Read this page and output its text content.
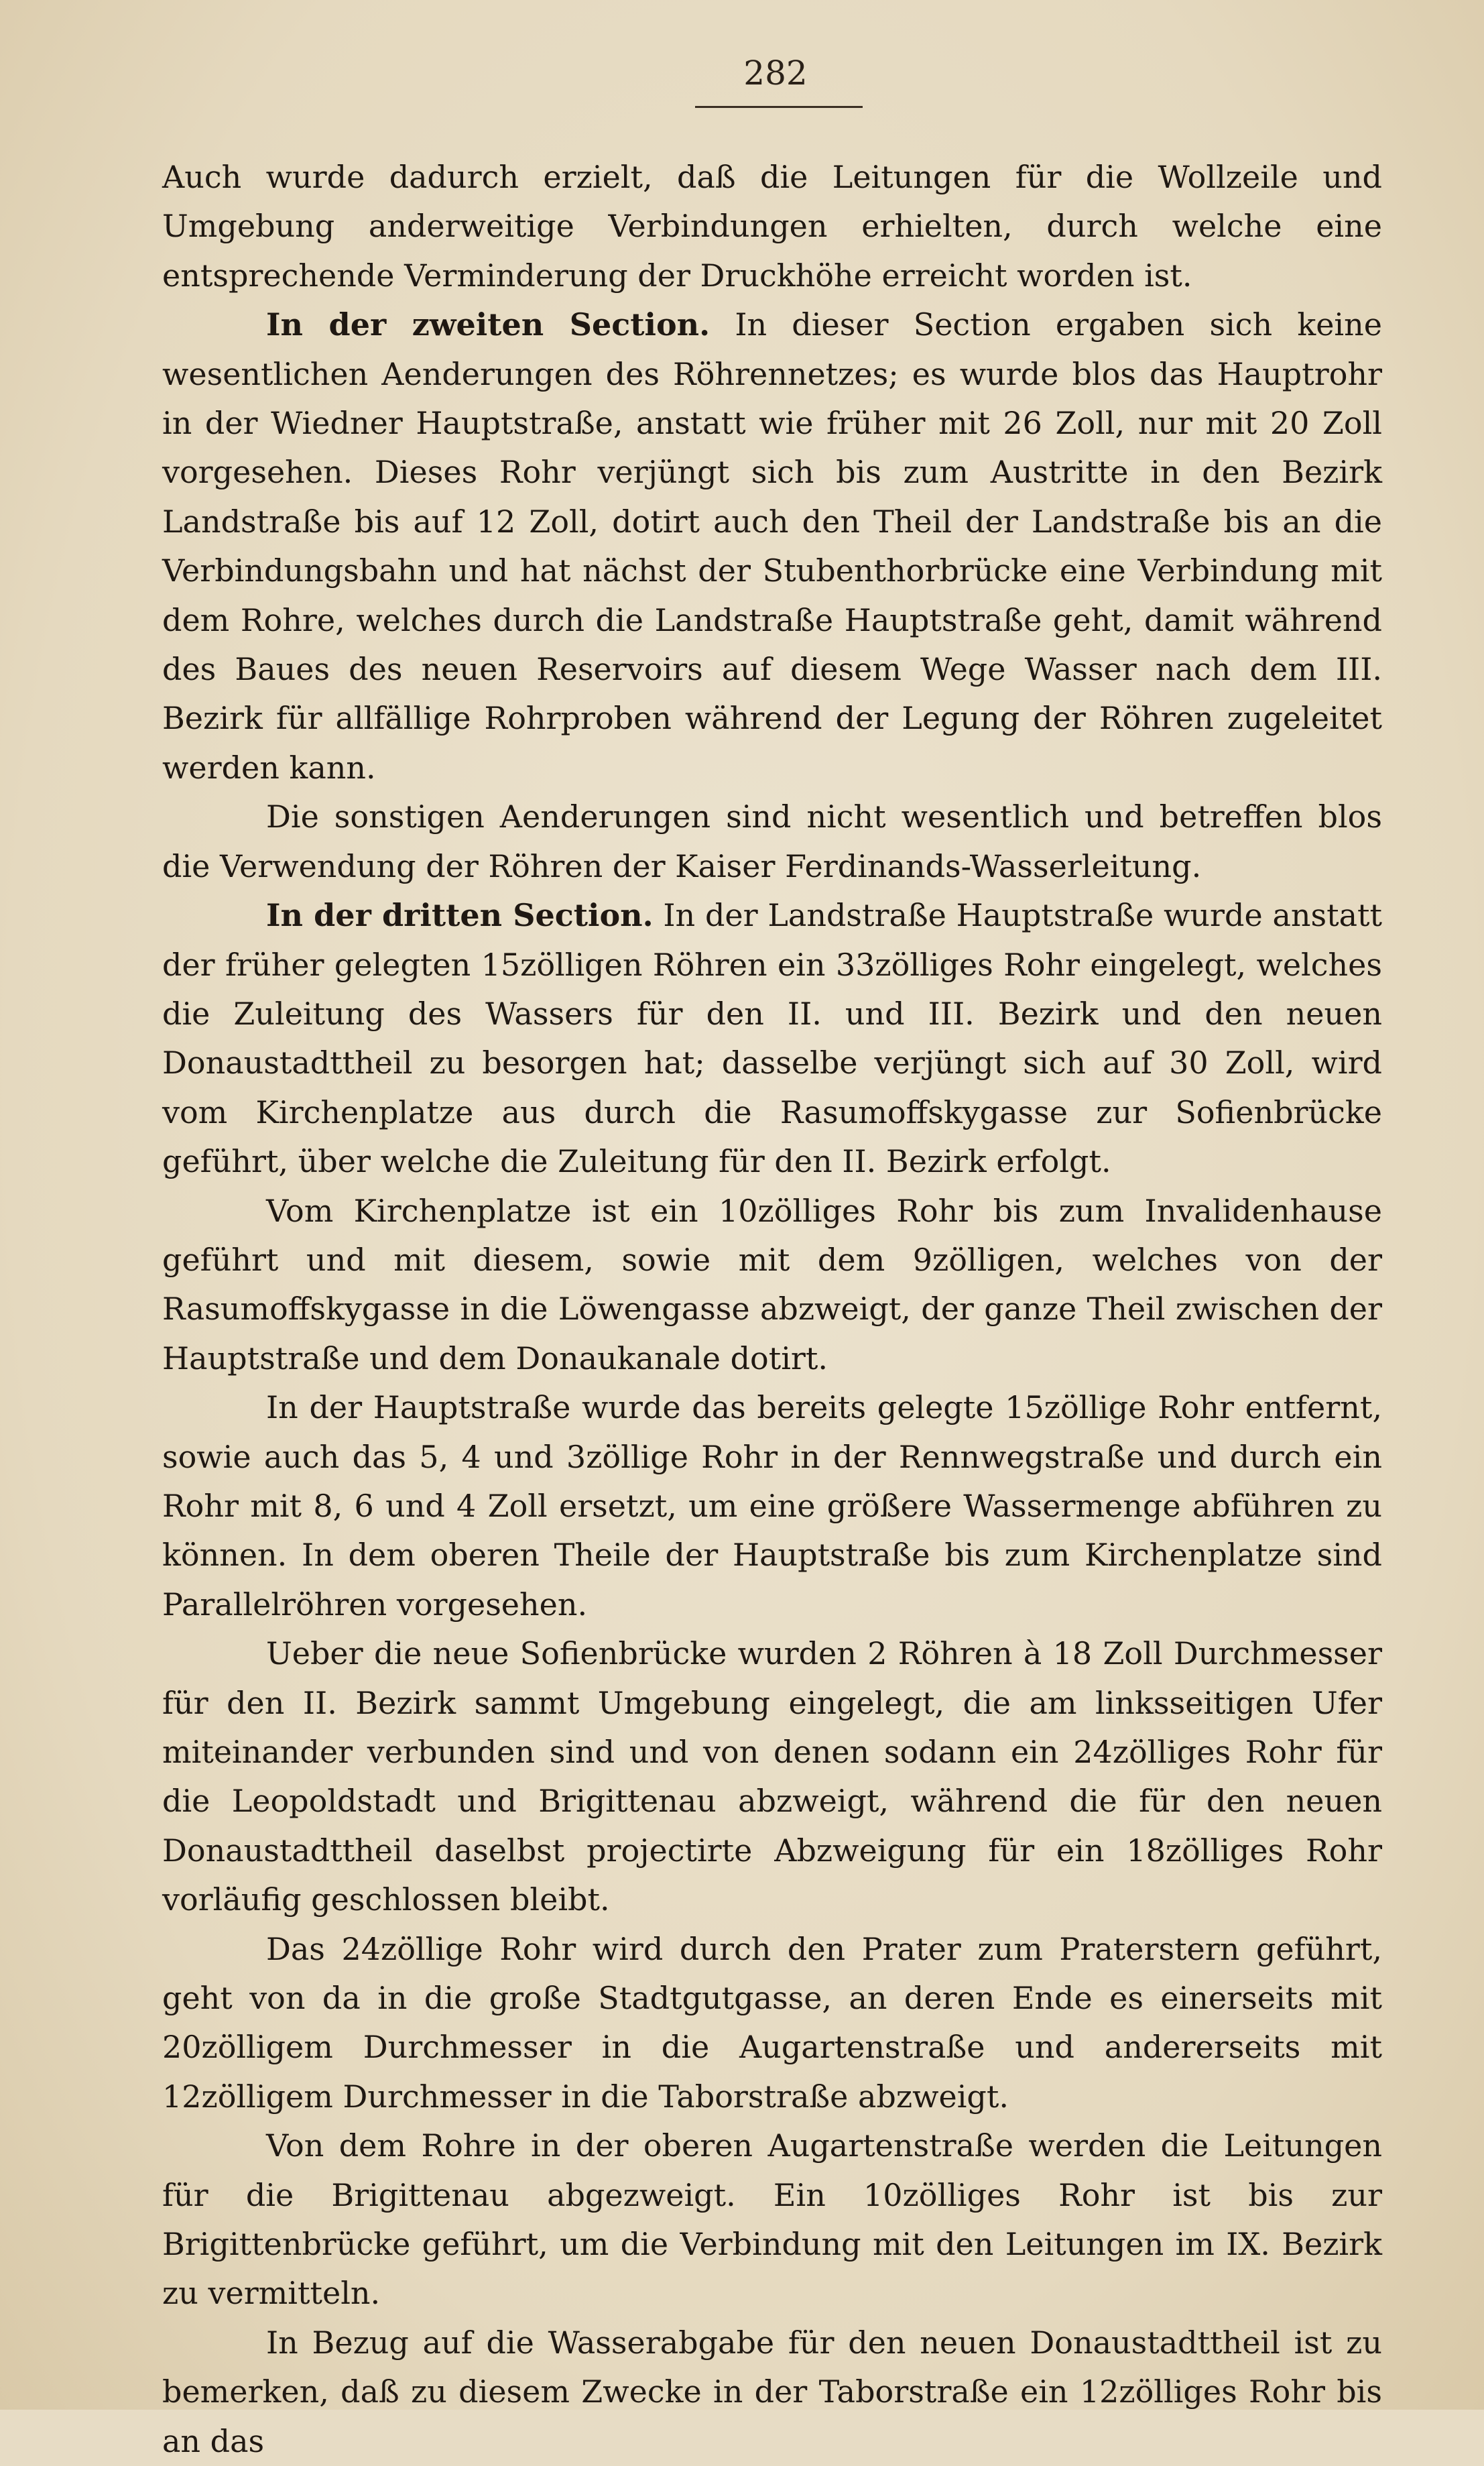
282

Auch wurde dadurch erzielt, daß die Leitungen für die Wollzeile und Umgebung anderweitige Verbindungen erhielten, durch welche eine entsprechende Verminderung der Druckhöhe erreicht worden ist.

In der zweiten Section. In dieser Section ergaben sich keine wesentlichen Aenderungen des Röhrennetzes; es wurde blos das Hauptrohr in der Wiedner Hauptstraße, anstatt wie früher mit 26 Zoll, nur mit 20 Zoll vorgesehen. Dieses Rohr verjüngt sich bis zum Austritte in den Bezirk Landstraße bis auf 12 Zoll, dotirt auch den Theil der Landstraße bis an die Verbindungsbahn und hat nächst der Stubenthorbrücke eine Verbindung mit dem Rohre, welches durch die Landstraße Hauptstraße geht, damit während des Baues des neuen Reservoirs auf diesem Wege Wasser nach dem III. Bezirk für allfällige Rohrproben während der Legung der Röhren zugeleitet werden kann.

Die sonstigen Aenderungen sind nicht wesentlich und betreffen blos die Verwendung der Röhren der Kaiser Ferdinands-Wasserleitung.

In der dritten Section. In der Landstraße Hauptstraße wurde anstatt der früher gelegten 15zölligen Röhren ein 33zölliges Rohr eingelegt, welches die Zuleitung des Wassers für den II. und III. Bezirk und den neuen Donaustadttheil zu besorgen hat; dasselbe verjüngt sich auf 30 Zoll, wird vom Kirchenplatze aus durch die Rasumoffskygasse zur Sofienbrücke geführt, über welche die Zuleitung für den II. Bezirk erfolgt.

Vom Kirchenplatze ist ein 10zölliges Rohr bis zum Invalidenhause geführt und mit diesem, sowie mit dem 9zölligen, welches von der Rasumoffskygasse in die Löwengasse abzweigt, der ganze Theil zwischen der Hauptstraße und dem Donaukanale dotirt.

In der Hauptstraße wurde das bereits gelegte 15zöllige Rohr entfernt, sowie auch das 5, 4 und 3zöllige Rohr in der Rennwegstraße und durch ein Rohr mit 8, 6 und 4 Zoll ersetzt, um eine größere Wassermenge abführen zu können. In dem oberen Theile der Hauptstraße bis zum Kirchenplatze sind Parallelröhren vorgesehen.

Ueber die neue Sofienbrücke wurden 2 Röhren à 18 Zoll Durchmesser für den II. Bezirk sammt Umgebung eingelegt, die am linksseitigen Ufer miteinander verbunden sind und von denen sodann ein 24zölliges Rohr für die Leopoldstadt und Brigittenau abzweigt, während die für den neuen Donaustadttheil daselbst projectirte Abzweigung für ein 18zölliges Rohr vorläufig geschlossen bleibt.

Das 24zöllige Rohr wird durch den Prater zum Praterstern geführt, geht von da in die große Stadtgutgasse, an deren Ende es einerseits mit 20zölligem Durchmesser in die Augartenstraße und andererseits mit 12zölligem Durchmesser in die Taborstraße abzweigt.

Von dem Rohre in der oberen Augartenstraße werden die Leitungen für die Brigittenau abgezweigt. Ein 10zölliges Rohr ist bis zur Brigittenbrücke geführt, um die Verbindung mit den Leitungen im IX. Bezirk zu vermitteln.

In Bezug auf die Wasserabgabe für den neuen Donaustadttheil ist zu bemerken, daß zu diesem Zwecke in der Taborstraße ein 12zölliges Rohr bis an das
